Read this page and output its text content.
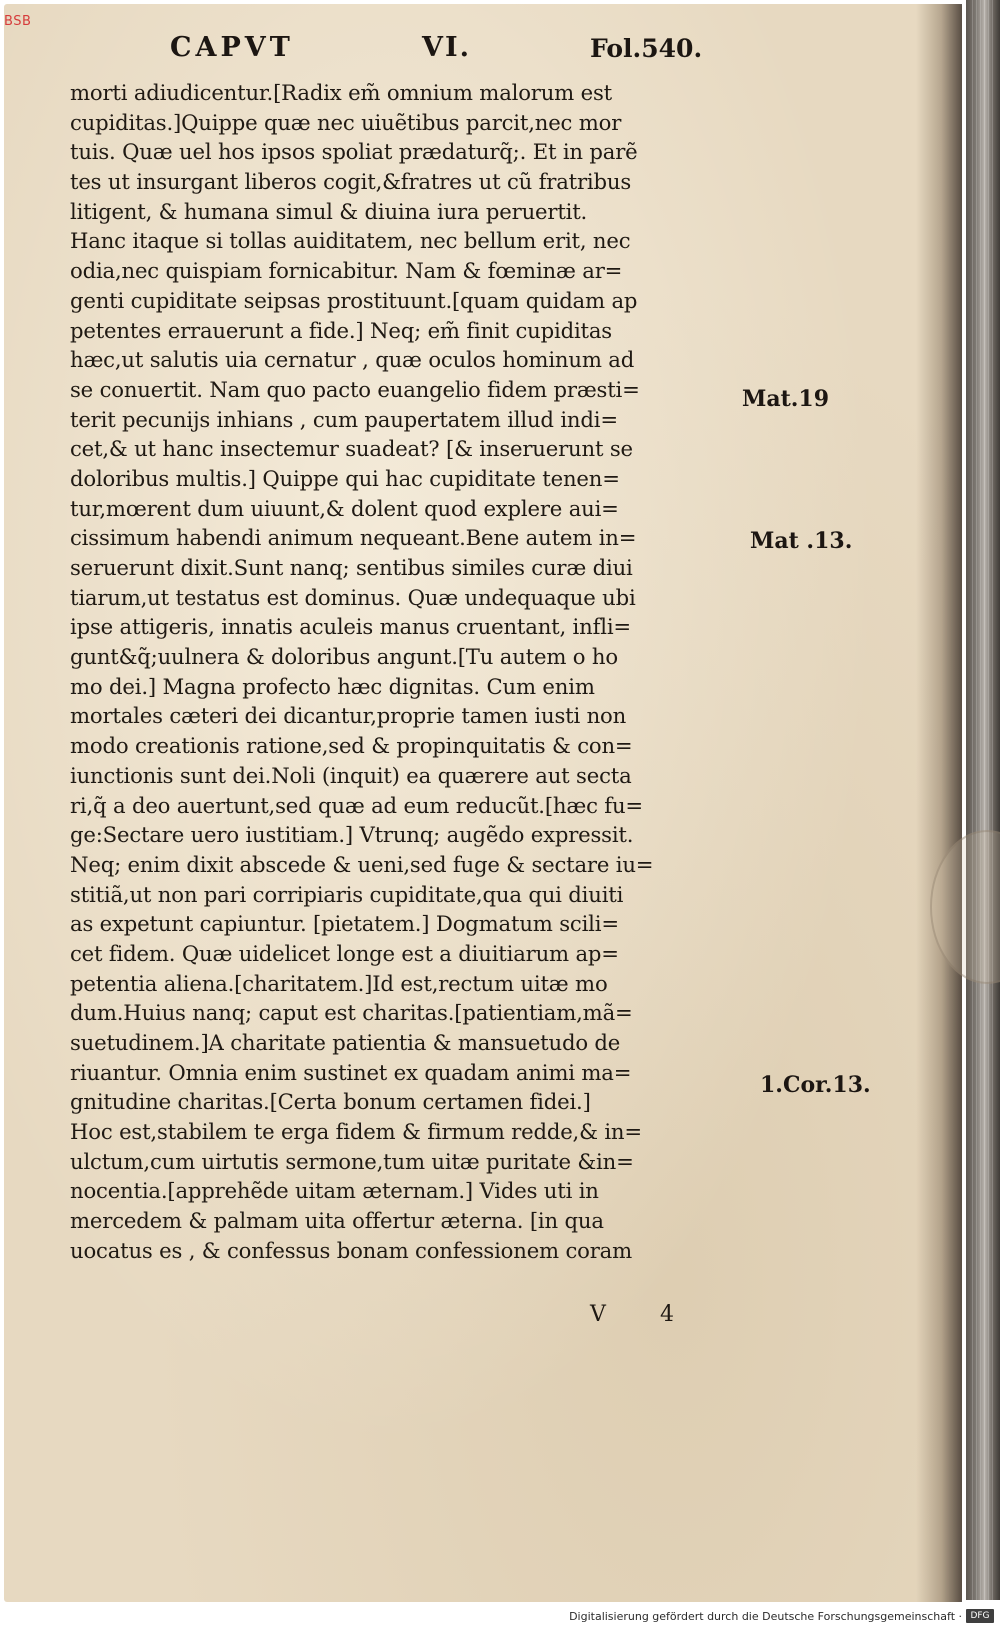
BSB
CAPVT	VI.	Fol.540.
morti adiudicentur.[Radix em̃ omnium malorum est
cupiditas.]Quippe quæ nec uiuẽtibus parcit,nec mor
tuis. Quæ uel hos ipsos spoliat prædaturq̃;. Et in parẽ
tes ut insurgant liberos cogit,&fratres ut cũ fratribus
litigent, & humana simul & diuina iura peruertit.
Hanc itaque si tollas auiditatem, nec bellum erit, nec
odia,nec quispiam fornicabitur. Nam & fœminæ ar=
genti cupiditate seipsas prostituunt.[quam quidam ap
petentes errauerunt a fide.] Neq; em̃ finit cupiditas
hæc,ut salutis uia cernatur , quæ oculos hominum ad
se conuertit. Nam quo pacto euangelio fidem præsti=
terit pecunijs inhians , cum paupertatem illud indi=
cet,& ut hanc insectemur suadeat? [& inseruerunt se
doloribus multis.] Quippe qui hac cupiditate tenen=
tur,mœrent dum uiuunt,& dolent quod explere aui=
cissimum habendi animum nequeant.Bene autem in=
seruerunt dixit.Sunt nanq; sentibus similes curæ diui
tiarum,ut testatus est dominus. Quæ undequaque ubi
ipse attigeris, innatis aculeis manus cruentant, infli=
gunt&q̃;uulnera & doloribus angunt.[Tu autem o ho
mo dei.] Magna profecto hæc dignitas. Cum enim
mortales cæteri dei dicantur,proprie tamen iusti non
modo creationis ratione,sed & propinquitatis & con=
iunctionis sunt dei.Noli (inquit) ea quærere aut secta
ri,q̃ a deo auertunt,sed quæ ad eum reducũt.[hæc fu=
ge:Sectare uero iustitiam.] Vtrunq; augẽdo expressit.
Neq; enim dixit abscede & ueni,sed fuge & sectare iu=
stitiã,ut non pari corripiaris cupiditate,qua qui diuiti
as expetunt capiuntur. [pietatem.] Dogmatum scili=
cet fidem. Quæ uidelicet longe est a diuitiarum ap=
petentia aliena.[charitatem.]Id est,rectum uitæ mo
dum.Huius nanq; caput est charitas.[patientiam,mã=
suetudinem.]A charitate patientia & mansuetudo de
riuantur. Omnia enim sustinet ex quadam animi ma=
gnitudine charitas.[Certa bonum certamen fidei.]
Hoc est,stabilem te erga fidem & firmum redde,& in=
ulctum,cum uirtutis sermone,tum uitæ puritate &in=
nocentia.[apprehẽde uitam æternam.] Vides uti in
mercedem & palmam uita offertur æterna. [in qua
uocatus es , & confessus bonam confessionem coram
Mat.19
Mat .13.
1.Cor.13.
V 4
Digitalisierung gefördert durch die Deutsche Forschungsgemeinschaft · DFG
